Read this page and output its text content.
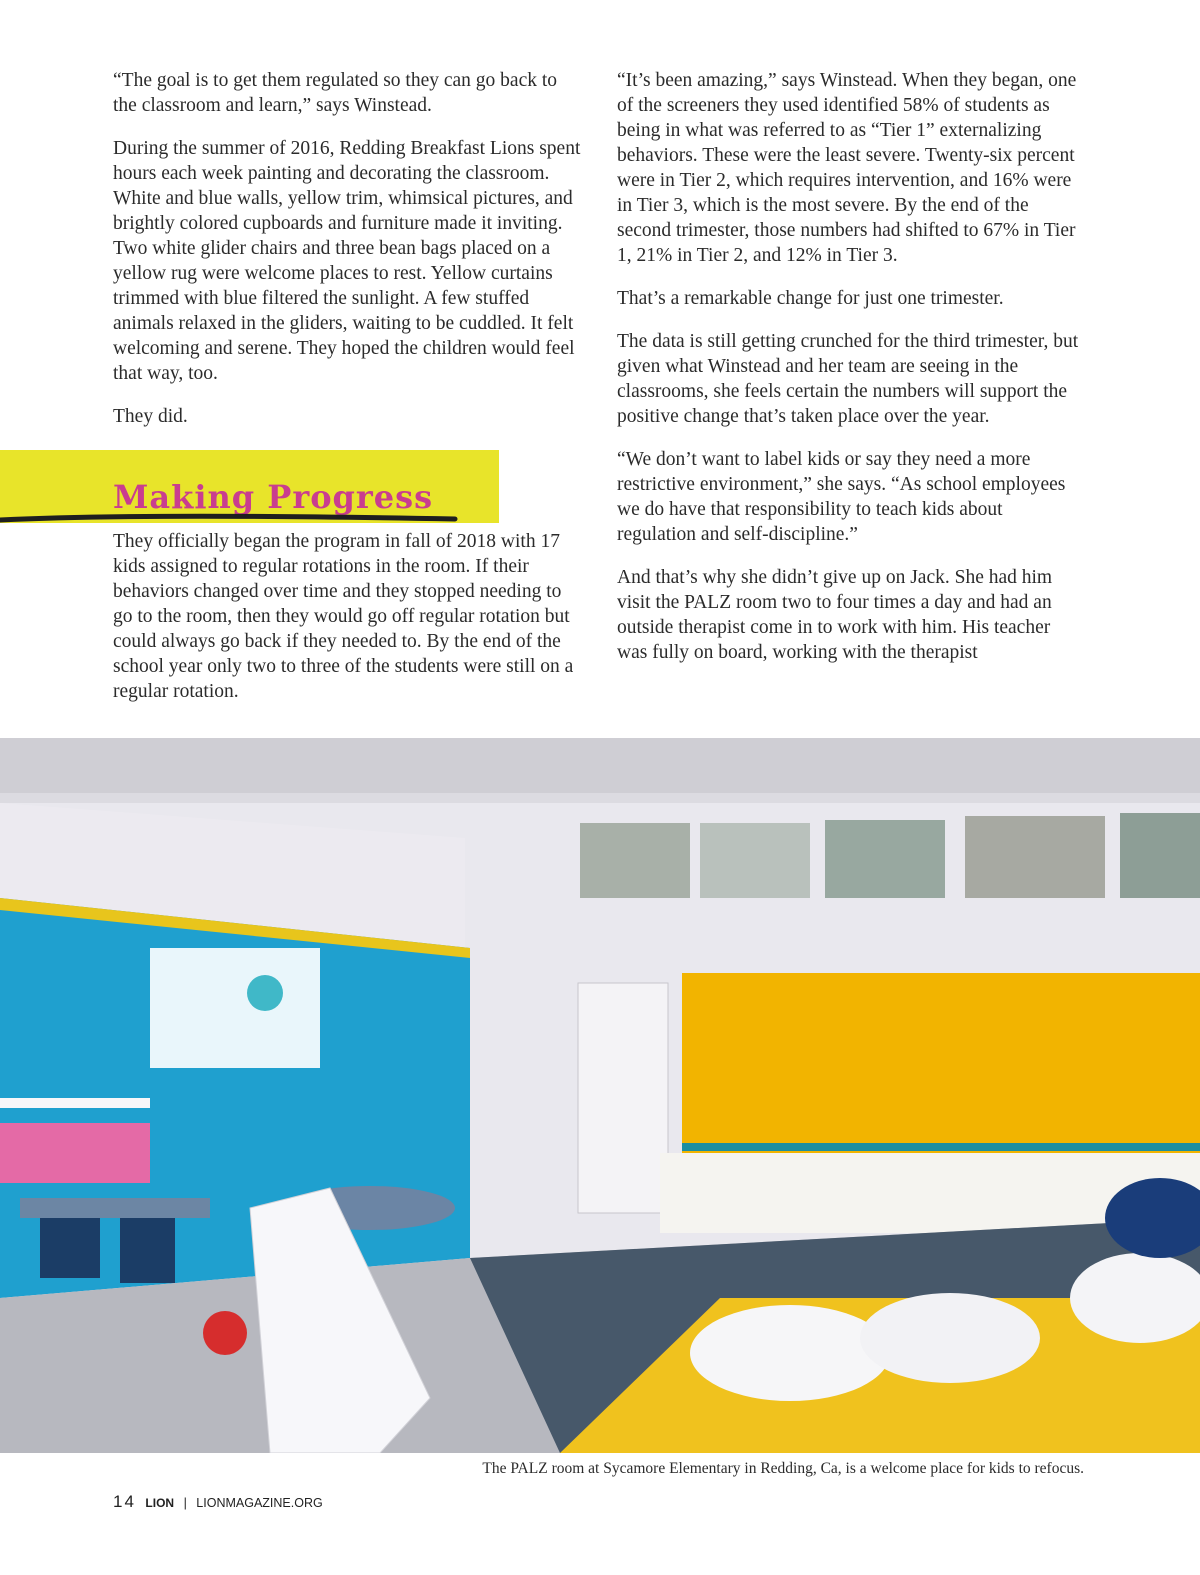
“The goal is to get them regulated so they can go back to the classroom and learn,” says Winstead.

During the summer of 2016, Redding Breakfast Lions spent hours each week painting and decorating the classroom. White and blue walls, yellow trim, whimsical pictures, and brightly colored cupboards and furniture made it inviting. Two white glider chairs and three bean bags placed on a yellow rug were welcome places to rest. Yellow curtains trimmed with blue filtered the sunlight. A few stuffed animals relaxed in the gliders, waiting to be cuddled. It felt welcoming and serene. They hoped the children would feel that way, too.

They did.

Making Progress

They officially began the program in fall of 2018 with 17 kids assigned to regular rotations in the room. If their behaviors changed over time and they stopped needing to go to the room, then they would go off regular rotation but could always go back if they needed to. By the end of the school year only two to three of the students were still on a regular rotation.

“It’s been amazing,” says Winstead. When they began, one of the screeners they used identified 58% of students as being in what was referred to as “Tier 1” externalizing behaviors. These were the least severe. Twenty-six percent were in Tier 2, which requires intervention, and 16% were in Tier 3, which is the most severe. By the end of the second trimester, those numbers had shifted to 67% in Tier 1, 21% in Tier 2, and 12% in Tier 3.

That’s a remarkable change for just one trimester.

The data is still getting crunched for the third trimester, but given what Winstead and her team are seeing in the classrooms, she feels certain the numbers will support the positive change that’s taken place over the year.

“We don’t want to label kids or say they need a more restrictive environment,” she says. “As school employees we do have that responsibility to teach kids about regulation and self-discipline.”

And that’s why she didn’t give up on Jack. She had him visit the PALZ room two to four times a day and had an outside therapist come in to work with him. His teacher was fully on board, working with the therapist

The PALZ room at Sycamore Elementary in Redding, Ca, is a welcome place for kids to refocus.
14 LION | LIONMAGAZINE.ORG
